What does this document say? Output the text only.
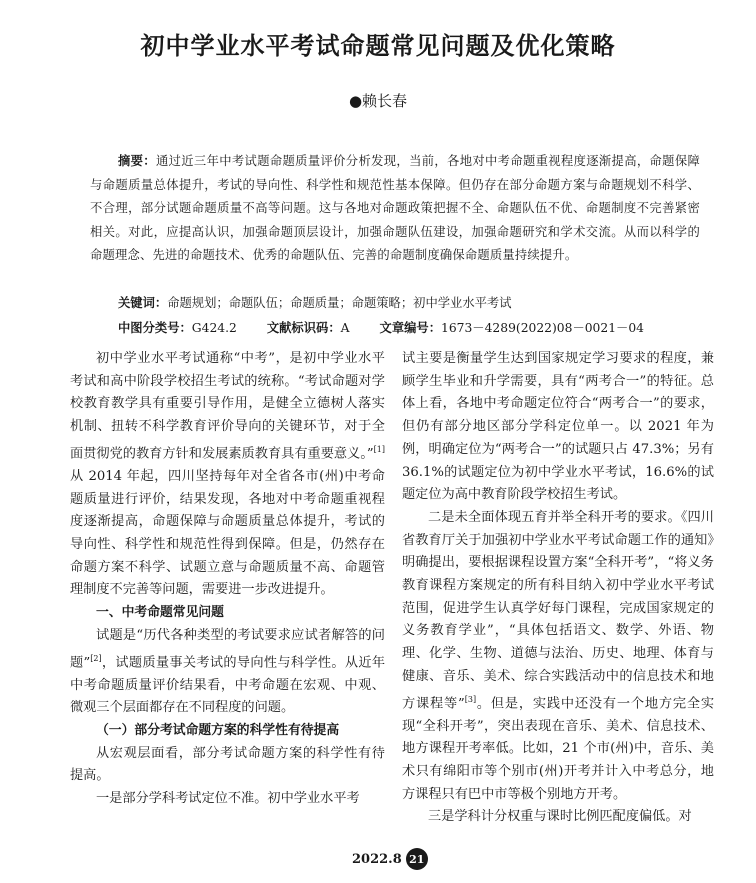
初中学业水平考试命题常见问题及优化策略
●赖长春
摘要：通过近三年中考试题命题质量评价分析发现，当前，各地对中考命题重视程度逐渐提高，命题保障与命题质量总体提升，考试的导向性、科学性和规范性基本保障。但仍存在部分命题方案与命题规划不科学、不合理，部分试题命题质量不高等问题。这与各地对命题政策把握不全、命题队伍不优、命题制度不完善紧密相关。对此，应提高认识，加强命题顶层设计，加强命题队伍建设，加强命题研究和学术交流。从而以科学的命题理念、先进的命题技术、优秀的命题队伍、完善的命题制度确保命题质量持续提升。
关键词：命题规划；命题队伍；命题质量；命题策略；初中学业水平考试
中图分类号：G424.2 文献标识码：A 文章编号：1673－4289(2022)08－0021－04

初中学业水平考试通称“中考”，是初中学业水平考试和高中阶段学校招生考试的统称。“考试命题对学校教育教学具有重要引导作用，是健全立德树人落实机制、扭转不科学教育评价导向的关键环节，对于全面贯彻党的教育方针和发展素质教育具有重要意义。”[1]从 2014 年起，四川坚持每年对全省各市(州)中考命题质量进行评价，结果发现，各地对中考命题重视程度逐渐提高，命题保障与命题质量总体提升，考试的导向性、科学性和规范性得到保障。但是，仍然存在命题方案不科学、试题立意与命题质量不高、命题管理制度不完善等问题，需要进一步改进提升。

一、中考命题常见问题

试题是“历代各种类型的考试要求应试者解答的问题”[2]，试题质量事关考试的导向性与科学性。从近年中考命题质量评价结果看，中考命题在宏观、中观、微观三个层面都存在不同程度的问题。

（一）部分考试命题方案的科学性有待提高

从宏观层面看，部分考试命题方案的科学性有待提高。

一是部分学科考试定位不准。初中学业水平考

试主要是衡量学生达到国家规定学习要求的程度，兼顾学生毕业和升学需要，具有“两考合一”的特征。总体上看，各地中考命题定位符合“两考合一”的要求，但仍有部分地区部分学科定位单一。以 2021 年为例，明确定位为“两考合一”的试题只占 47.3%；另有 36.1%的试题定位为初中学业水平考试，16.6%的试题定位为高中教育阶段学校招生考试。

二是未全面体现五育并举全科开考的要求。《四川省教育厅关于加强初中学业水平考试命题工作的通知》明确提出，要根据课程设置方案“全科开考”，“将义务教育课程方案规定的所有科目纳入初中学业水平考试范围，促进学生认真学好每门课程，完成国家规定的义务教育学业”，“具体包括语文、数学、外语、物理、化学、生物、道德与法治、历史、地理、体育与健康、音乐、美术、综合实践活动中的信息技术和地方课程等”[3]。但是，实践中还没有一个地方完全实现“全科开考”，突出表现在音乐、美术、信息技术、地方课程开考率低。比如，21 个市(州)中，音乐、美术只有绵阳市等个别市(州)开考并计入中考总分，地方课程只有巴中市等极个别地方开考。

三是学科计分权重与课时比例匹配度偏低。对

2022.8 21
